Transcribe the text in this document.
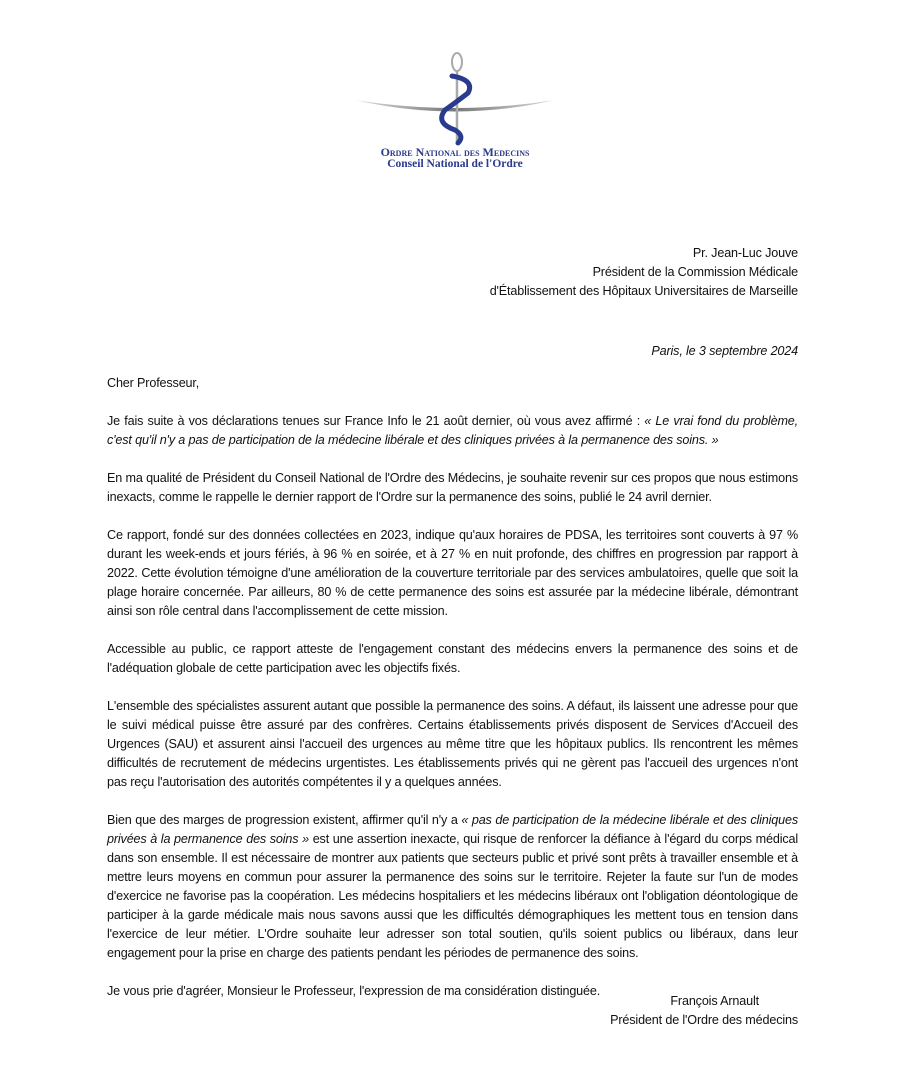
Ordre National des Medecins
Conseil National de l'Ordre
Pr. Jean-Luc Jouve
Président de la Commission Médicale
d'Établissement des Hôpitaux Universitaires de Marseille
Paris, le 3 septembre 2024

Cher Professeur,

Je fais suite à vos déclarations tenues sur France Info le 21 août dernier, où vous avez affirmé : « Le vrai fond du problème, c'est qu'il n'y a pas de participation de la médecine libérale et des cliniques privées à la permanence des soins. »

En ma qualité de Président du Conseil National de l'Ordre des Médecins, je souhaite revenir sur ces propos que nous estimons inexacts, comme le rappelle le dernier rapport de l'Ordre sur la permanence des soins, publié le 24 avril dernier.

Ce rapport, fondé sur des données collectées en 2023, indique qu'aux horaires de PDSA, les territoires sont couverts à 97 % durant les week-ends et jours fériés, à 96 % en soirée, et à 27 % en nuit profonde, des chiffres en progression par rapport à 2022. Cette évolution témoigne d'une amélioration de la couverture territoriale par des services ambulatoires, quelle que soit la plage horaire concernée. Par ailleurs, 80 % de cette permanence des soins est assurée par la médecine libérale, démontrant ainsi son rôle central dans l'accomplissement de cette mission.

Accessible au public, ce rapport atteste de l'engagement constant des médecins envers la permanence des soins et de l'adéquation globale de cette participation avec les objectifs fixés.

L'ensemble des spécialistes assurent autant que possible la permanence des soins. A défaut, ils laissent une adresse pour que le suivi médical puisse être assuré par des confrères. Certains établissements privés disposent de Services d'Accueil des Urgences (SAU) et assurent ainsi l'accueil des urgences au même titre que les hôpitaux publics. Ils rencontrent les mêmes difficultés de recrutement de médecins urgentistes. Les établissements privés qui ne gèrent pas l'accueil des urgences n'ont pas reçu l'autorisation des autorités compétentes il y a quelques années.

Bien que des marges de progression existent, affirmer qu'il n'y a « pas de participation de la médecine libérale et des cliniques privées à la permanence des soins » est une assertion inexacte, qui risque de renforcer la défiance à l'égard du corps médical dans son ensemble. Il est nécessaire de montrer aux patients que secteurs public et privé sont prêts à travailler ensemble et à mettre leurs moyens en commun pour assurer la permanence des soins sur le territoire. Rejeter la faute sur l'un de modes d'exercice ne favorise pas la coopération. Les médecins hospitaliers et les médecins libéraux ont l'obligation déontologique de participer à la garde médicale mais nous savons aussi que les difficultés démographiques les mettent tous en tension dans l'exercice de leur métier. L'Ordre souhaite leur adresser son total soutien, qu'ils soient publics ou libéraux, dans leur engagement pour la prise en charge des patients pendant les périodes de permanence des soins.

Je vous prie d'agréer, Monsieur le Professeur, l'expression de ma considération distinguée.

François Arnault
Président de l'Ordre des médecins
